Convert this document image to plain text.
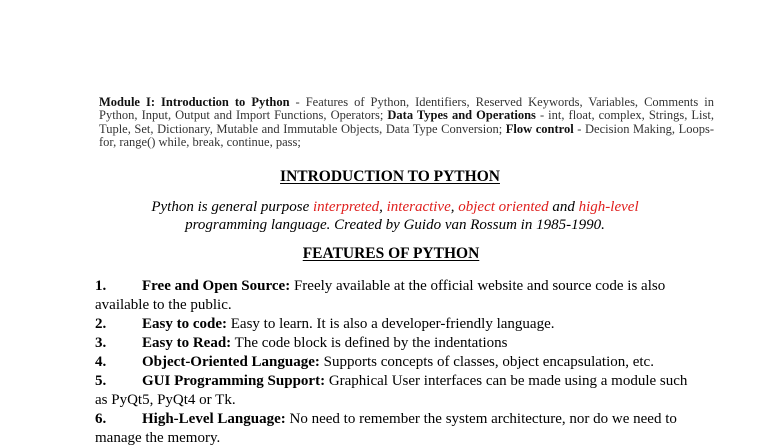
Module I: Introduction to Python - Features of Python, Identifiers, Reserved Keywords, Variables, Comments in Python, Input, Output and Import Functions, Operators; Data Types and Operations - int, float, complex, Strings, List, Tuple, Set, Dictionary, Mutable and Immutable Objects, Data Type Conversion; Flow control - Decision Making, Loops-for, range() while, break, continue, pass;
INTRODUCTION TO PYTHON
Python is general purpose interpreted, interactive, object oriented and high-level programming language. Created by Guido van Rossum in 1985-1990.
FEATURES OF PYTHON

1. Free and Open Source: Freely available at the official website and source code is also available to the public.

2. Easy to code: Easy to learn. It is also a developer-friendly language.

3. Easy to Read: The code block is defined by the indentations

4. Object-Oriented Language: Supports concepts of classes, object encapsulation, etc.

5. GUI Programming Support: Graphical User interfaces can be made using a module such as PyQt5, PyQt4 or Tk.

6. High-Level Language: No need to remember the system architecture, nor do we need to manage the memory.
